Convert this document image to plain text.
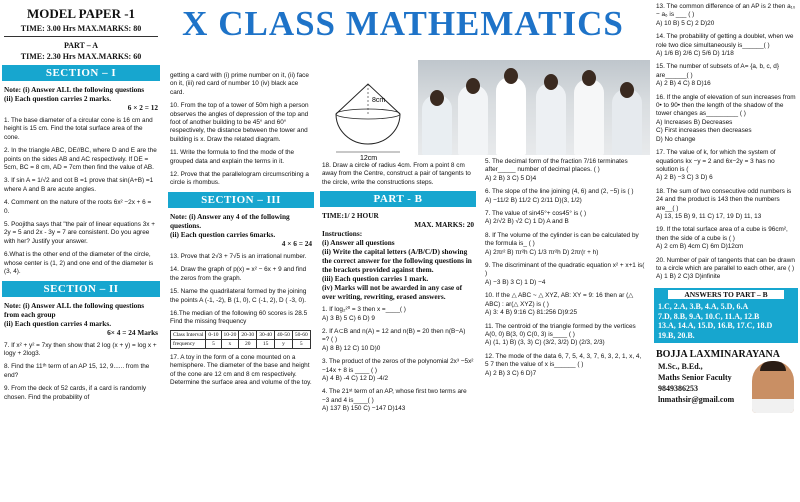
X CLASS MATHEMATICS
MODEL PAPER -1
TIME: 3.00 Hrs MAX.MARKS: 80
PART – A
TIME: 2.30 Hrs MAX.MARKS: 60
SECTION – I
Note: (i) Answer ALL the following questions
(ii) Each question carries 2 marks.
6 × 2 = 12
1. The base diameter of a circular cone is 16 cm and height is 15 cm. Find the total surface area of the cone.
2. In the triangle ABC, DE//BC, where D and E are the points on the sides AB and AC respectively. If DE = 5cm, BC = 8 cm, AD = 7cm then find the value of AB.
3. If sin A = 1/√2 and cot B =1 prove that sin(A+B) =1 where A and B are acute angles.
4. Comment on the nature of the roots 6x² −2x + 6 = 0.
5. Poojitha says that "the pair of linear equations 3x + 2y = 5 and 2x - 3y = 7 are consistent. Do you agree with her? Justify your answer.
6.What is the other end of the diameter of the circle, whose center is (1, 2) and one end of the diameter is (3, 4).
SECTION – II
Note: (i) Answer ALL the following questions from each group
(ii) Each question carries 4 marks.
6× 4 = 24 Marks
7. If x² + y² = 7xy then show that 2 log (x + y) = log x + logy + 2log3.
8. Find the 11ᵗʰ term of an AP 15, 12, 9...... from the end?
9. From the deck of 52 cards, if a card is randomly chosen. Find the probability of
getting a card with (i) prime number on it, (ii) face on it, (iii) red card of number 10 (iv) black ace card.
10. From the top of a tower of 50m high a person observes the angles of depression of the top and foot of another building to be 45° and 60° respectively, the distance between the tower and building is x. Draw the related diagram.
11. Write the formula to find the mode of the grouped data and explain the terms in it.
12. Prove that the parallelogram circumscribing a circle is rhombus.
SECTION – III
Note: (i) Answer any 4 of the following questions.
(ii) Each question carries 6marks.
4 × 6 = 24
13. Prove that 2√3 + 7√5 is an irrational number.
14. Draw the graph of p(x) = x² − 6x + 9 and find the zeros from the graph.
15. Name the quadrilateral formed by the joining the points A (-1, -2), B (1, 0), C (-1, 2), D ( -3, 0).
16.The median of the following 60 scores is 28.5 Find the missing frequency
Class Interval	0-10	10-20	20-30	30-40	40-50	50-60
frequency	5	x	20	15	y	5
17. A toy in the form of a cone mounted on a hemisphere. The diameter of the base and height of the cone are 12 cm and 8 cm respectively. Determine the surface area and volume of the toy.
8cm
12cm
18. Draw a circle of radius 4cm. From a point 8 cm away from the Centre, construct a pair of tangents to the circle, write the constructions steps.
PART - B
TIME:1/ 2 HOUR
MAX. MARKS: 20
Instructions:
(i) Answer all questions
(ii) Write the capital letters (A/B/C/D) showing the correct answer for the following questions in the brackets provided against them.
(iii) Each question carries 1 mark.
(iv) Marks will not be awarded in any case of over writing, rewriting, erased answers.
1. If log₂²⁰ = 3 then x =____( )
A) 3 B) 5 C) 6 D) 9
2. If A⊂B and n(A) = 12 and n(B) = 20 then n(B−A) =? ( )
A) 8 B) 12 C) 10 D)0
3. The product of the zeros of the polynomial 2x³ −5x² −14x + 8 is ____ ( )
A) 4 B) -4 C) 12 D) -4/2
4. The 21ˢᵗ term of an AP, whose first two terms are −3 and 4 is____( )
A) 137 B) 150 C) −147 D)143
5. The decimal form of the fraction 7/16 terminates after_____ number of decimal places. ( )
A) 2 B) 3 C) 5 D)4
6. The slope of the line joining (4, 6) and (2, −5) is ( )
A) −11/2 B) 11/2 C) 2/11 D)(3, 1/2)
7. The value of sin45°+ cos45° is ( )
A) 2/√2 B) √2 C) 1 D) A and B
8. If The volume of the cylinder is can be calculated by the formula is_ ( )
A) 2πr² B) πr²h C) 1/3 πr²h D) 2πr(r + h)
9. The discriminant of the quadratic equation x² + x+1 is( )
A) −3 B) 3 C) 1 D) −4
10. If the △ ABC ~ △ XYZ, AB: XY = 9: 16 then ar (△ ABC) : ar(△ XYZ) is ( )
A) 3: 4 B) 9:16 C) 81:256 D)9:25
11. The centroid of the triangle formed by the vertices A(0, 0) B(3, 0) C(0, 3) is____ ( )
A) (1, 1) B) (3, 3) C) (3/2, 3/2) D) (2/3, 2/3)
12. The mode of the data 6, 7, 5, 4, 3, 7, 6, 3, 2, 1, x, 4, 5 7 then the value of x is______ ( )
A) 2 B) 3 C) 6 D)7
13. The common difference of an AP is 2 then a₁₀ − a₆ is ___ ( )
A) 10 B) 5 C) 2 D)20
14. The probability of getting a doublet, when we role two dice simultaneously is______( )
A) 1/6 B) 2/6 C) 5/6 D) 1/18
15. The number of subsets of A= {a, b, c, d} are______( )
A) 2 B) 4 C) 8 D)16
16. If the angle of elevation of sun increases from 0• to 90• then the length of the shadow of the tower changes as_________ ( )
A) Increases B) Decreases
C) First increases then decreases
D) No change
17. The value of k, for which the system of equations kx −y = 2 and 6x−2y = 3 has no solution is (
A) 2 B) −3 C) 3 D) 6
18. The sum of two consecutive odd numbers is 24 and the product is 143 then the numbers are__( )
A) 13, 15 B) 9, 11 C) 17, 19 D) 11, 13
19. If the total surface area of a cube is 96cm², then the side of a cube is ( )
A) 2 cm B) 4cm C) 6m D)12cm
20. Number of pair of tangents that can be drawn to a circle which are parallel to each other, are ( )
A) 1 B) 2 C)3 D)infinite
ANSWERS TO PART – B
1.C, 2.A, 3.B, 4.A, 5.D, 6.A
7.D, 8.B, 9.A, 10.C, 11.A, 12.B
13.A, 14.A, 15.D, 16.B, 17.C, 18.D
19.B, 20.B.
BOJJA LAXMINARAYANA
M.Sc., B.Ed.,
Maths Senior Faculty
9849386253
lnmathsir@gmail.com
